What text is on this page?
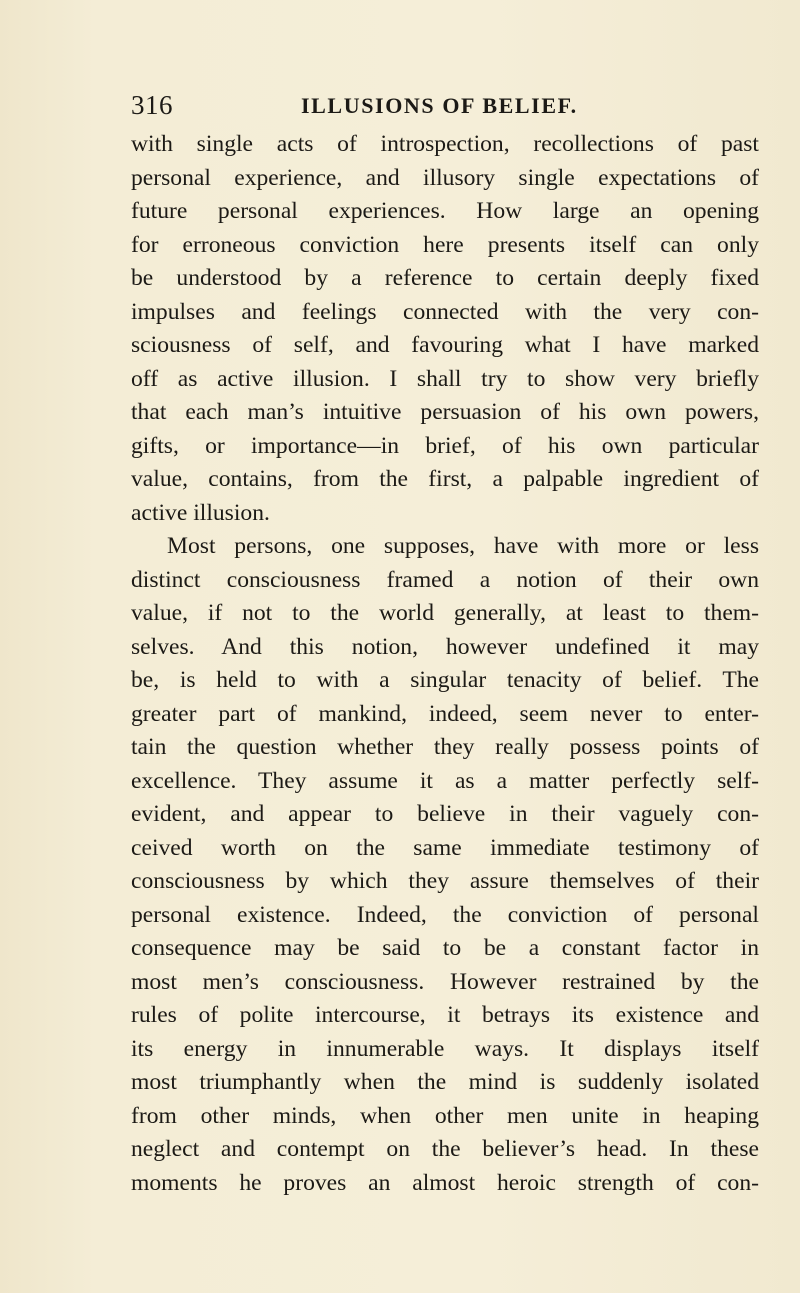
316	ILLUSIONS OF BELIEF.
with single acts of introspection, recollections of past
personal experience, and illusory single expectations of
future personal experiences. How large an opening
for erroneous conviction here presents itself can only
be understood by a reference to certain deeply fixed
impulses and feelings connected with the very con-
sciousness of self, and favouring what I have marked
off as active illusion. I shall try to show very briefly
that each man’s intuitive persuasion of his own powers,
gifts, or importance—in brief, of his own particular
value, contains, from the first, a palpable ingredient of
active illusion.
Most persons, one supposes, have with more or less
distinct consciousness framed a notion of their own
value, if not to the world generally, at least to them-
selves. And this notion, however undefined it may
be, is held to with a singular tenacity of belief. The
greater part of mankind, indeed, seem never to enter-
tain the question whether they really possess points of
excellence. They assume it as a matter perfectly self-
evident, and appear to believe in their vaguely con-
ceived worth on the same immediate testimony of
consciousness by which they assure themselves of their
personal existence. Indeed, the conviction of personal
consequence may be said to be a constant factor in
most men’s consciousness. However restrained by the
rules of polite intercourse, it betrays its existence and
its energy in innumerable ways. It displays itself
most triumphantly when the mind is suddenly isolated
from other minds, when other men unite in heaping
neglect and contempt on the believer’s head. In these
moments he proves an almost heroic strength of con-
